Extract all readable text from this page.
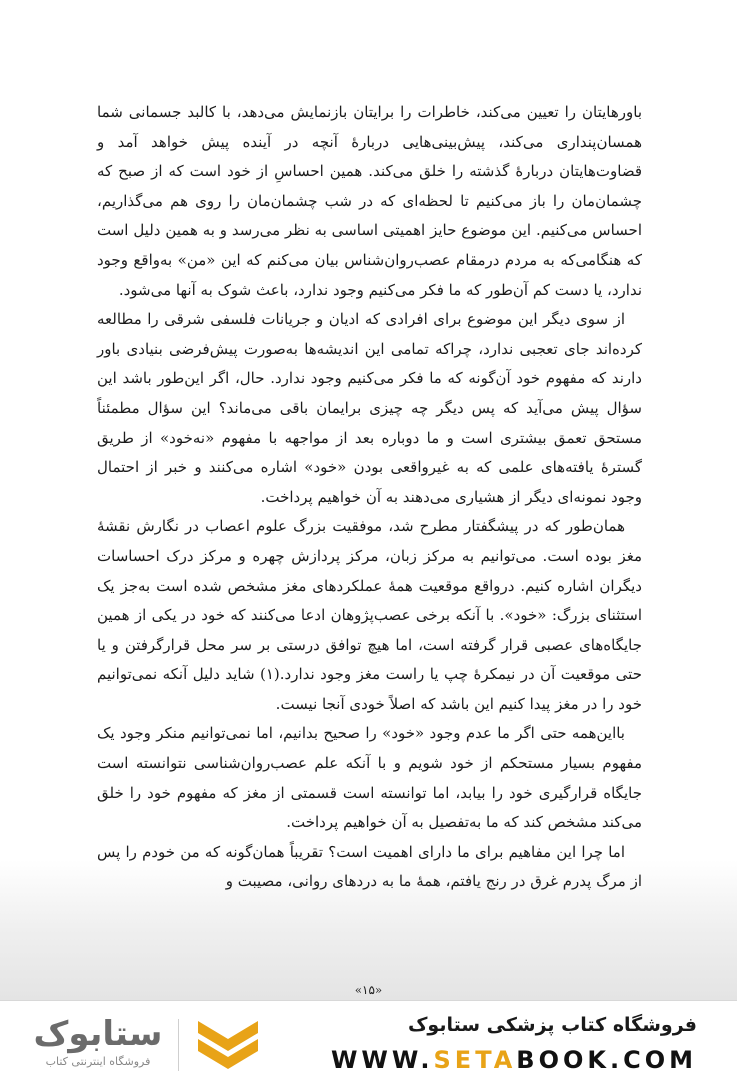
باورهایتان را تعیین می‌کند، خاطرات را برایتان بازنمایش می‌دهد، با کالبد جسمانی شما همسان‌پنداری می‌کند، پیش‌بینی‌هایی دربارهٔ آنچه در آینده پیش خواهد آمد و قضاوت‌هایتان دربارهٔ گذشته را خلق می‌کند. همین احساسِ از خود است که از صبح که چشمان‌مان را باز می‌کنیم تا لحظه‌ای که در شب چشمان‌مان را روی هم می‌گذاریم، احساس می‌کنیم. این موضوع حایز اهمیتی اساسی به نظر می‌رسد و به همین دلیل است که هنگامی‌که به مردم درمقام عصب‌روان‌شناس بیان می‌کنم که این «من» به‌واقع وجود ندارد، یا دست کم آن‌طور که ما فکر می‌کنیم وجود ندارد، باعث شوک به آنها می‌شود.

از سوی دیگر این موضوع برای افرادی که ادیان و جریانات فلسفی شرقی را مطالعه کرده‌اند جای تعجبی ندارد، چراکه تمامی این اندیشه‌ها به‌صورت پیش‌فرضی بنیادی باور دارند که مفهوم خود آن‌گونه که ما فکر می‌کنیم وجود ندارد. حال، اگر این‌طور باشد این سؤال پیش می‌آید که پس دیگر چه چیزی برایمان باقی می‌ماند؟ این سؤال مطمئناً مستحق تعمق بیشتری است و ما دوباره بعد از مواجهه با مفهوم «نه‌خود» از طریق گسترهٔ یافته‌های علمی که به غیرواقعی بودن «خود» اشاره می‌کنند و خبر از احتمال وجود نمونه‌ای دیگر از هشیاری می‌دهند به آن خواهیم پرداخت.

همان‌طور که در پیشگفتار مطرح شد، موفقیت بزرگ علوم اعصاب در نگارش نقشهٔ مغز بوده است. می‌توانیم به مرکز زبان، مرکز پردازش چهره و مرکز درک احساسات دیگران اشاره کنیم. درواقع موقعیت همهٔ عملکردهای مغز مشخص شده است به‌جز یک استثنای بزرگ: «خود». با آنکه برخی عصب‌پژوهان ادعا می‌کنند که خود در یکی از همین جایگاه‌های عصبی قرار گرفته است، اما هیچ توافق درستی بر سر محل قرارگرفتن و یا حتی موقعیت آن در نیمکرهٔ چپ یا راست مغز وجود ندارد.(۱) شاید دلیل آنکه نمی‌توانیم خود را در مغز پیدا کنیم این باشد که اصلاً خودی آنجا نیست.

بااین‌همه حتی اگر ما عدم وجود «خود» را صحیح بدانیم، اما نمی‌توانیم منکر وجود یک مفهوم بسیار مستحکم از خود شویم و با آنکه علم عصب‌روان‌شناسی نتوانسته است جایگاه قرارگیری خود را بیابد، اما توانسته است قسمتی از مغز که مفهوم خود را خلق می‌کند مشخص کند که ما به‌تفصیل به آن خواهیم پرداخت.

اما چرا این مفاهیم برای ما دارای اهمیت است؟ تقریباً همان‌گونه که من خودم را پس از مرگ پدرم غرق در رنج یافتم، همهٔ ما به دردهای روانی، مصیبت و

«۱۵»
ستابوک
فروشگاه اینترنتی کتاب
فروشگاه کتاب پزشکی ستابوک
WWW.SETABOOK.COM
